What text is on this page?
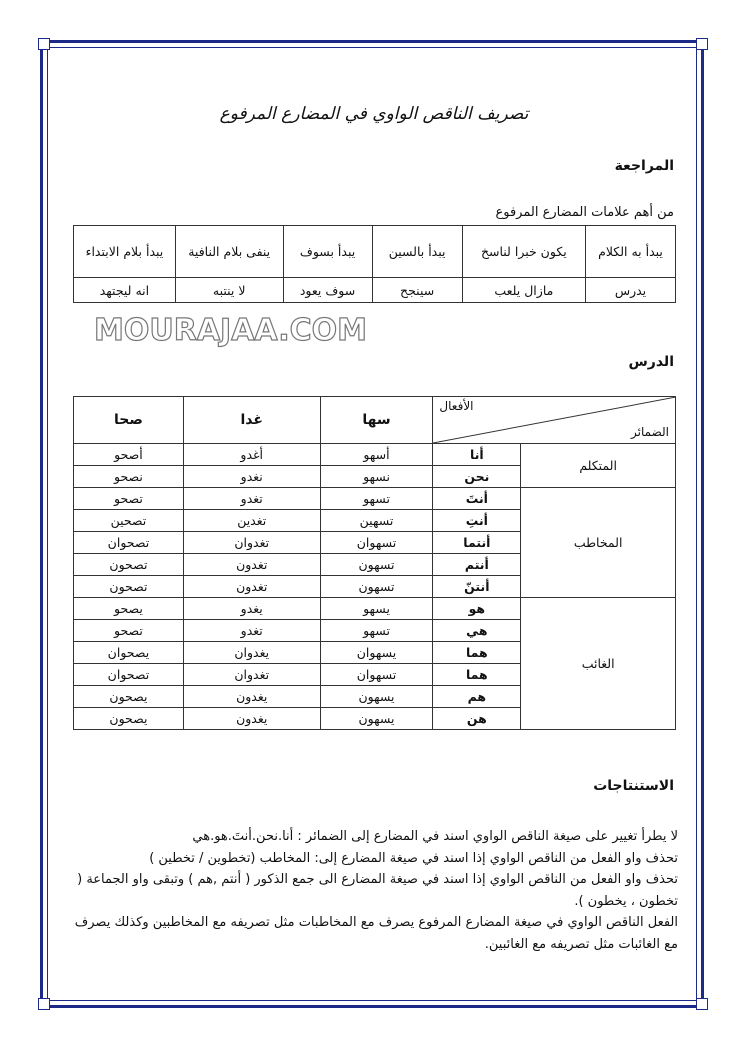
تصريف الناقص الواوي في المضارع المرفوع
المراجعة
من أهم علامات المضارع المرفوع
يبدأ به الكلام	يكون خبرا لناسخ	يبدأ بالسين	يبدأ بسوف	ينفى بلام النافية	يبدأ بلام الابتداء
يدرس	مازال يلعب	سينجح	سوف يعود	لا ينتبه	انه ليجتهد
الدرس
الأفعال
الضمائر		سها	غدا	صحا
المتكلم	أنا	أسهو	أغدو	أصحو
	نحن	نسهو	نغدو	نصحو
المخاطب	أنتَ	تسهو	تغدو	تصحو
	أنتِ	تسهين	تغدين	تصحين
	أنتما	تسهوان	تغدوان	تصحوان
	أنتم	تسهون	تغدون	تصحون
	أنتنّ	تسهون	تغدون	تصحون
الغائب	هو	يسهو	يغدو	يصحو
	هي	تسهو	تغدو	تصحو
	هما	يسهوان	يغدوان	يصحوان
	هما	تسهوان	تغدوان	تصحوان
	هم	يسهون	يغدون	يصحون
	هن	يسهون	يغدون	يصحون
الاستنتاجات
لا يطرأ تغيير على صيغة الناقص الواوي اسند في المضارع إلى الضمائر : أنا.نحن.أنتَ.هو.هي
تحذف واو الفعل من الناقص الواوي إذا اسند في صيغة المضارع إلى: المخاطب (تخطوين / تخطين )
تحذف واو الفعل من الناقص الواوي إذا اسند في صيغة المضارع الى جمع الذكور ( أنتم ,هم ) وتبقى واو الجماعة ( تخطون ، يخطون ).
الفعل الناقص الواوي في صيغة المضارع المرفوع يصرف مع المخاطبات مثل تصريفه مع المخاطبين وكذلك يصرف مع الغائبات مثل تصريفه مع الغائبين.
MOURAJAA.COM
